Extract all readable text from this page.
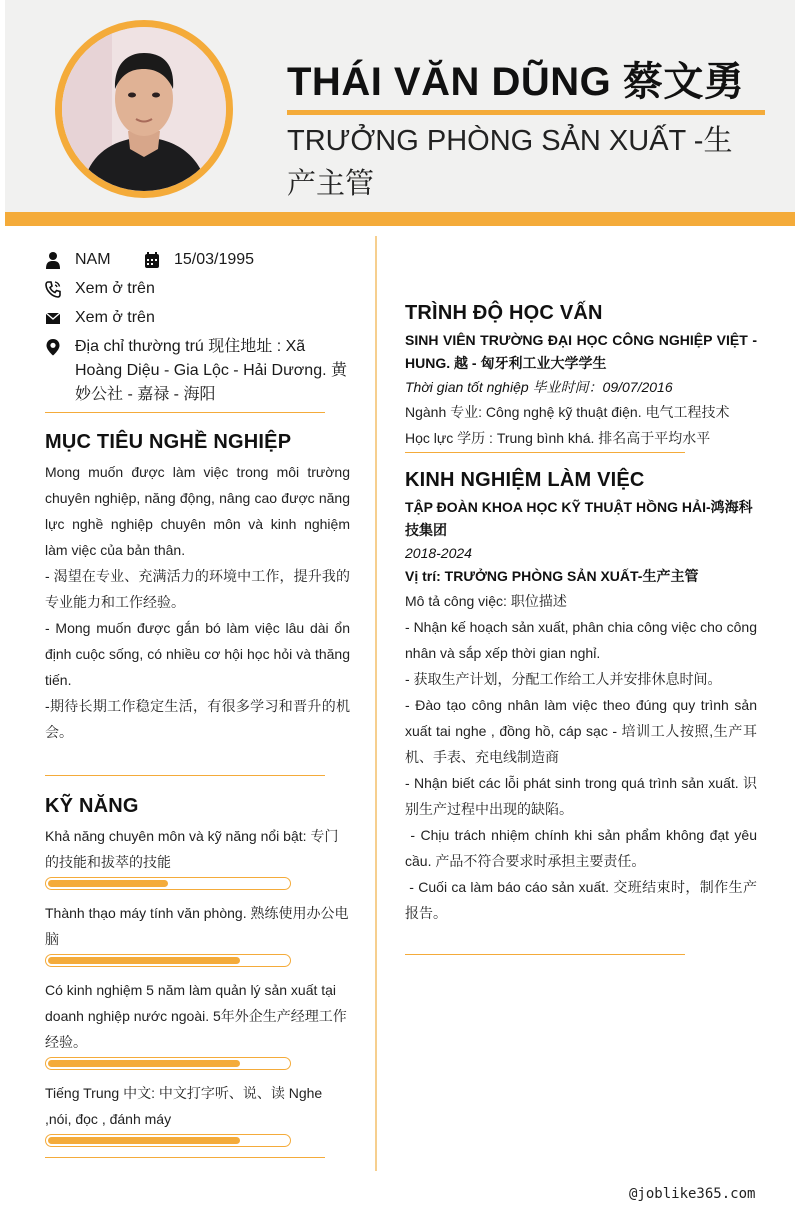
THÁI VĂN DŨNG 蔡文勇
TRƯỞNG PHÒNG SẢN XUẤT -生产主管
NAM	15/03/1995
Xem ở trên
Xem ở trên
Địa chỉ thường trú 现住地址 : Xã Hoàng Diệu - Gia Lộc - Hải Dương. 黄妙公社 - 嘉禄 - 海阳
MỤC TIÊU NGHỀ NGHIỆP
Mong muốn được làm việc trong môi trường chuyên nghiệp, năng động, nâng cao được năng lực nghề nghiệp chuyên môn và kinh nghiệm làm việc của bản thân.
- 渴望在专业、充满活力的环境中工作，提升我的专业能力和工作经验。
- Mong muốn được gắn bó làm việc lâu dài ổn định cuộc sống, có nhiều cơ hội học hỏi và thăng tiến.
-期待长期工作稳定生活，有很多学习和晋升的机会。
KỸ NĂNG
Khả năng chuyên môn và kỹ năng nổi bật: 专门的技能和拔萃的技能
Thành thạo máy tính văn phòng. 熟练使用办公电脑
Có kinh nghiệm 5 năm làm quản lý sản xuất tại doanh nghiệp nước ngoài. 5年外企生产经理工作经验。
Tiếng Trung 中文: 中文打字听、说、读 Nghe ,nói, đọc , đánh máy
TRÌNH ĐỘ HỌC VẤN
SINH VIÊN TRƯỜNG ĐẠI HỌC CÔNG NGHIỆP VIỆT - HUNG. 越 - 匈牙利工业大学学生
Thời gian tốt nghiệp 毕业时间：09/07/2016
Ngành 专业: Công nghệ kỹ thuật điện. 电气工程技术
Học lực 学历 : Trung bình khá. 排名高于平均水平
KINH NGHIỆM LÀM VIỆC
TẬP ĐOÀN KHOA HỌC KỸ THUẬT HỒNG HẢI-鸿海科技集团
2018-2024
Vị trí: TRƯỞNG PHÒNG SẢN XUẤT-生产主管
Mô tả công việc: 职位描述
- Nhận kế hoạch sản xuất, phân chia công việc cho công nhân và sắp xếp thời gian nghỉ.
- 获取生产计划，分配工作给工人并安排休息时间。
- Đào tạo công nhân làm việc theo đúng quy trình sản xuất tai nghe , đồng hồ, cáp sạc - 培训工人按照,生产耳机、手表、充电线制造商
- Nhận biết các lỗi phát sinh trong quá trình sản xuất. 识别生产过程中出现的缺陷。
- Chịu trách nhiệm chính khi sản phẩm không đạt yêu cầu. 产品不符合要求时承担主要责任。
- Cuối ca làm báo cáo sản xuất. 交班结束时，制作生产报告。
@joblike365.com
